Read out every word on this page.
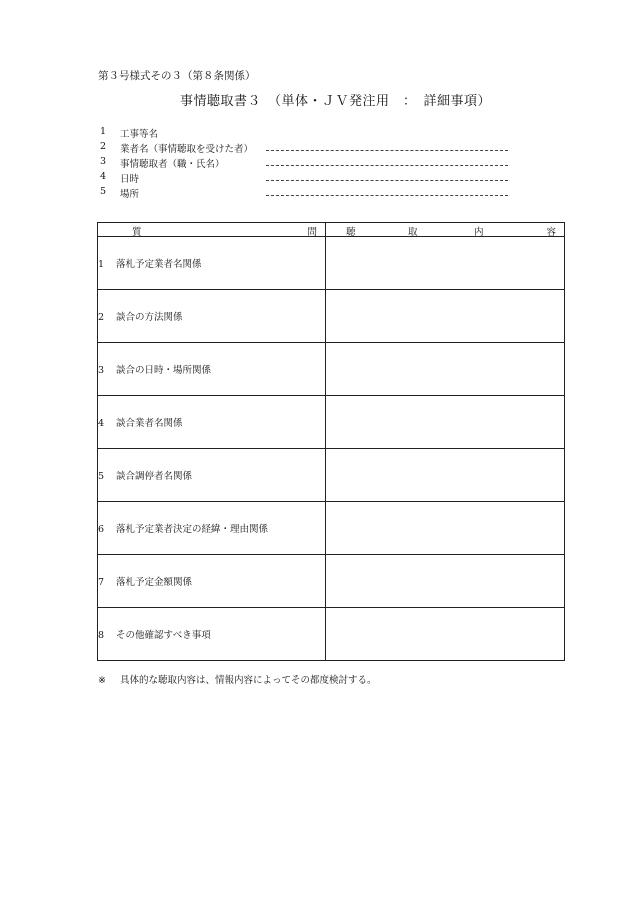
第３号様式その３（第８条関係）
事情聴取書３　（単体・ＪＶ発注用　：　詳細事項）
1 工事等名
2 業者名（事情聴取を受けた者）
3 事情聴取者（職・氏名）
4 日時
5 場所
質 問	聴 取 内 容

1 落札予定業者名関係	
2 談合の方法関係	
3 談合の日時・場所関係	
4 談合業者名関係	
5 談合調停者名関係	
6 落札予定業者決定の経緯・理由関係	
7 落札予定金額関係	
8 その他確認すべき事項	
※ 具体的な聴取内容は、情報内容によってその都度検討する。
